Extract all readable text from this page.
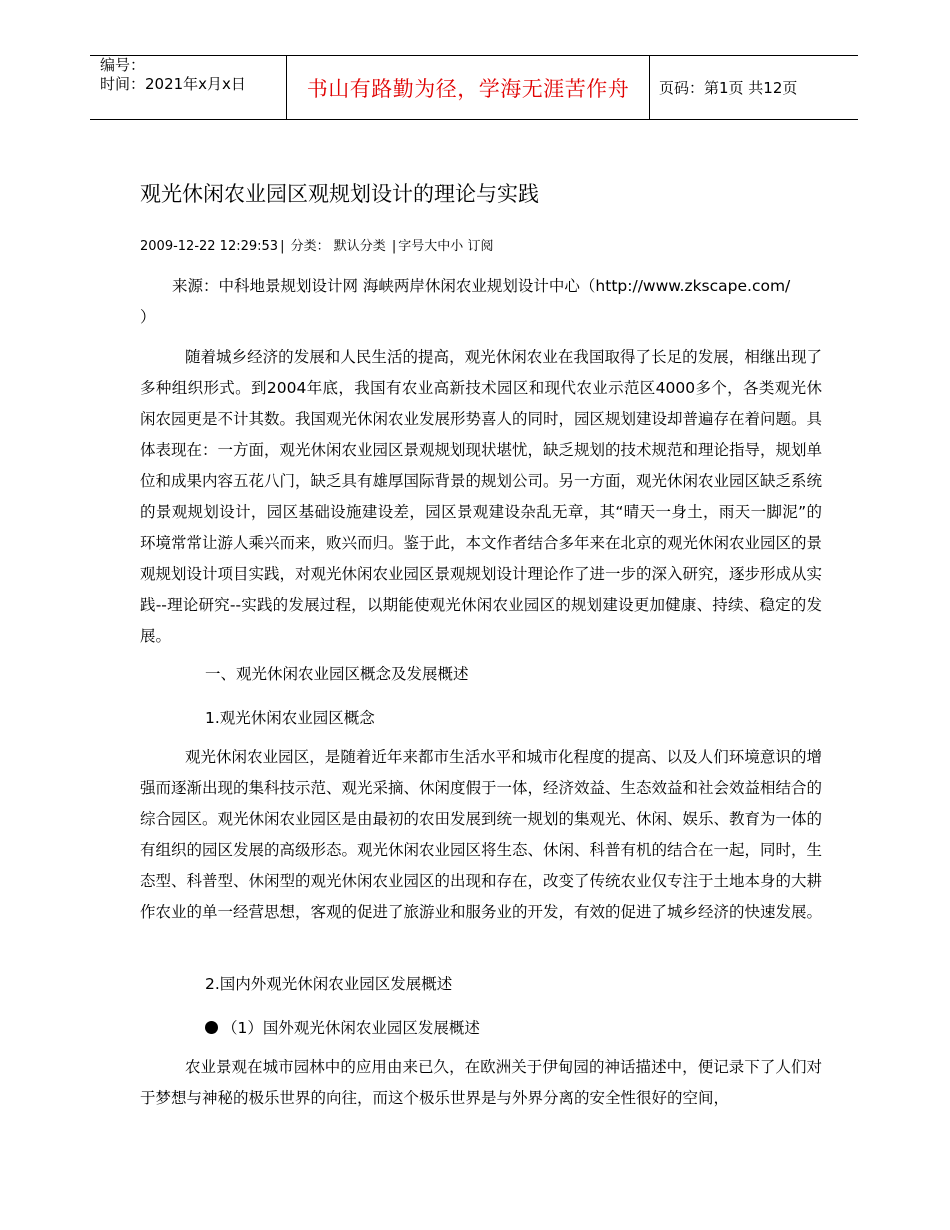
编号：
时间：2021年x月x日	书山有路勤为径，学海无涯苦作舟	页码：第1页 共12页
观光休闲农业园区观规划设计的理论与实践
2009-12-22 12:29:53 | 分类： 默认分类 | 字号大中小 订阅
来源：中科地景规划设计网 海峡两岸休闲农业规划设计中心（http://www.zkscape.com/
）
随着城乡经济的发展和人民生活的提高，观光休闲农业在我国取得了长足的发展，相继出现了多种组织形式。到2004年底，我国有农业高新技术园区和现代农业示范区4000多个，各类观光休闲农园更是不计其数。我国观光休闲农业发展形势喜人的同时，园区规划建设却普遍存在着问题。具体表现在：一方面，观光休闲农业园区景观规划现状堪忧，缺乏规划的技术规范和理论指导，规划单位和成果内容五花八门，缺乏具有雄厚国际背景的规划公司。另一方面，观光休闲农业园区缺乏系统的景观规划设计，园区基础设施建设差，园区景观建设杂乱无章，其“晴天一身土，雨天一脚泥”的环境常常让游人乘兴而来，败兴而归。鉴于此，本文作者结合多年来在北京的观光休闲农业园区的景观规划设计项目实践，对观光休闲农业园区景观规划设计理论作了进一步的深入研究，逐步形成从实践--理论研究--实践的发展过程，以期能使观光休闲农业园区的规划建设更加健康、持续、稳定的发展。
一、观光休闲农业园区概念及发展概述
1.观光休闲农业园区概念
观光休闲农业园区，是随着近年来都市生活水平和城市化程度的提高、以及人们环境意识的增强而逐渐出现的集科技示范、观光采摘、休闲度假于一体，经济效益、生态效益和社会效益相结合的综合园区。观光休闲农业园区是由最初的农田发展到统一规划的集观光、休闲、娱乐、教育为一体的有组织的园区发展的高级形态。观光休闲农业园区将生态、休闲、科普有机的结合在一起，同时，生态型、科普型、休闲型的观光休闲农业园区的出现和存在，改变了传统农业仅专注于土地本身的大耕作农业的单一经营思想，客观的促进了旅游业和服务业的开发，有效的促进了城乡经济的快速发展。
2.国内外观光休闲农业园区发展概述
（1）国外观光休闲农业园区发展概述
农业景观在城市园林中的应用由来已久，在欧洲关于伊甸园的神话描述中，便记录下了人们对于梦想与神秘的极乐世界的向往，而这个极乐世界是与外界分离的安全性很好的空间，
